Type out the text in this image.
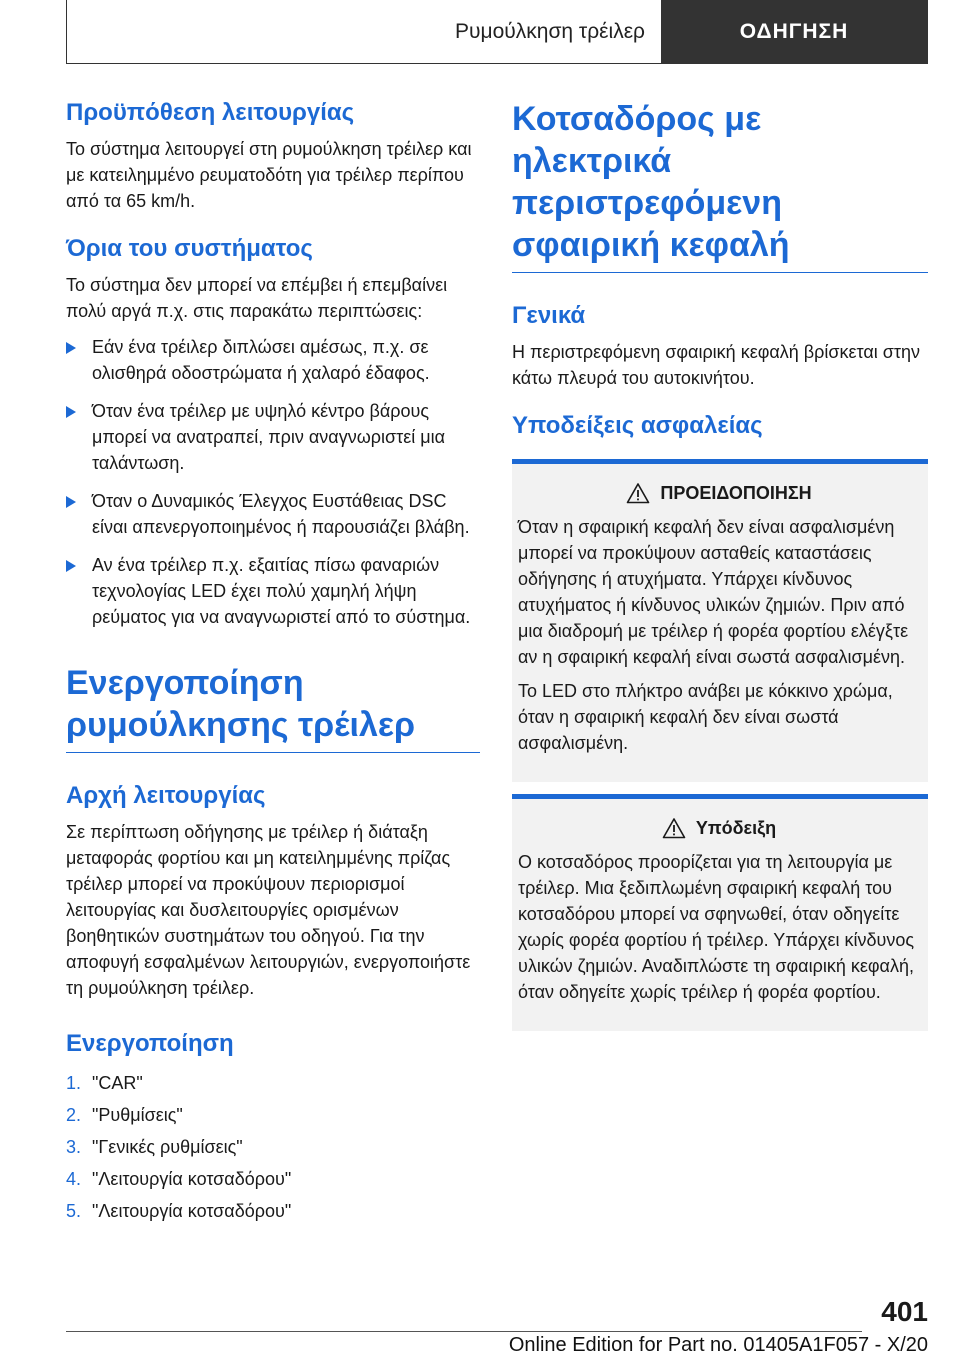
Ρυμούλκηση τρέιλερ	ΟΔΗΓΗΣΗ
Προϋπόθεση λειτουργίας

Το σύστημα λειτουργεί στη ρυμούλκηση τρέιλερ και με κατειλημμένο ρευματοδότη για τρέιλερ περίπου από τα 65 km/h.

Όρια του συστήματος

Το σύστημα δεν μπορεί να επέμβει ή επεμβαίνει πολύ αργά π.χ. στις παρακάτω περιπτώσεις:

Εάν ένα τρέιλερ διπλώσει αμέσως, π.χ. σε ολισθηρά οδοστρώματα ή χαλαρό έδαφος.
Όταν ένα τρέιλερ με υψηλό κέντρο βάρους μπορεί να ανατραπεί, πριν αναγνωριστεί μια ταλάντωση.
Όταν ο Δυναμικός Έλεγχος Ευστάθειας DSC είναι απενεργοποιημένος ή παρουσιάζει βλάβη.
Αν ένα τρέιλερ π.χ. εξαιτίας πίσω φαναριών τεχνολογίας LED έχει πολύ χαμηλή λήψη ρεύματος για να αναγνωριστεί από το σύστημα.
Ενεργοποίηση ρυμούλκησης τρέιλερ
Αρχή λειτουργίας

Σε περίπτωση οδήγησης με τρέιλερ ή διάταξη μεταφοράς φορτίου και μη κατειλημμένης πρίζας τρέιλερ μπορεί να προκύψουν περιορισμοί λειτουργίας και δυσλειτουργίες ορισμένων βοηθητικών συστημάτων του οδηγού. Για την αποφυγή εσφαλμένων λειτουργιών, ενεργοποιήστε τη ρυμούλκηση τρέιλερ.

Ενεργοποίηση
1. "CAR"
2. "Ρυθμίσεις"
3. "Γενικές ρυθμίσεις"
4. "Λειτουργία κοτσαδόρου"
5. "Λειτουργία κοτσαδόρου"
Κοτσαδόρος με ηλεκτρικά περιστρεφόμενη σφαιρική κεφαλή
Γενικά

Η περιστρεφόμενη σφαιρική κεφαλή βρίσκεται στην κάτω πλευρά του αυτοκινήτου.

Υποδείξεις ασφαλείας
ΠΡΟΕΙΔΟΠΟΙΗΣΗ

Όταν η σφαιρική κεφαλή δεν είναι ασφαλισμένη μπορεί να προκύψουν ασταθείς καταστάσεις οδήγησης ή ατυχήματα. Υπάρχει κίνδυνος ατυχήματος ή κίνδυνος υλικών ζημιών. Πριν από μια διαδρομή με τρέιλερ ή φορέα φορτίου ελέγξτε αν η σφαιρική κεφαλή είναι σωστά ασφαλισμένη.

Το LED στο πλήκτρο ανάβει με κόκκινο χρώμα, όταν η σφαιρική κεφαλή δεν είναι σωστά ασφαλισμένη.

Υπόδειξη

Ο κοτσαδόρος προορίζεται για τη λειτουργία με τρέιλερ. Μια ξεδιπλωμένη σφαιρική κεφαλή του κοτσαδόρου μπορεί να σφηνωθεί, όταν οδηγείτε χωρίς φορέα φορτίου ή τρέιλερ. Υπάρχει κίνδυνος υλικών ζημιών. Αναδιπλώστε τη σφαιρική κεφαλή, όταν οδηγείτε χωρίς τρέιλερ ή φορέα φορτίου.

401
Online Edition for Part no. 01405A1F057 - X/20
